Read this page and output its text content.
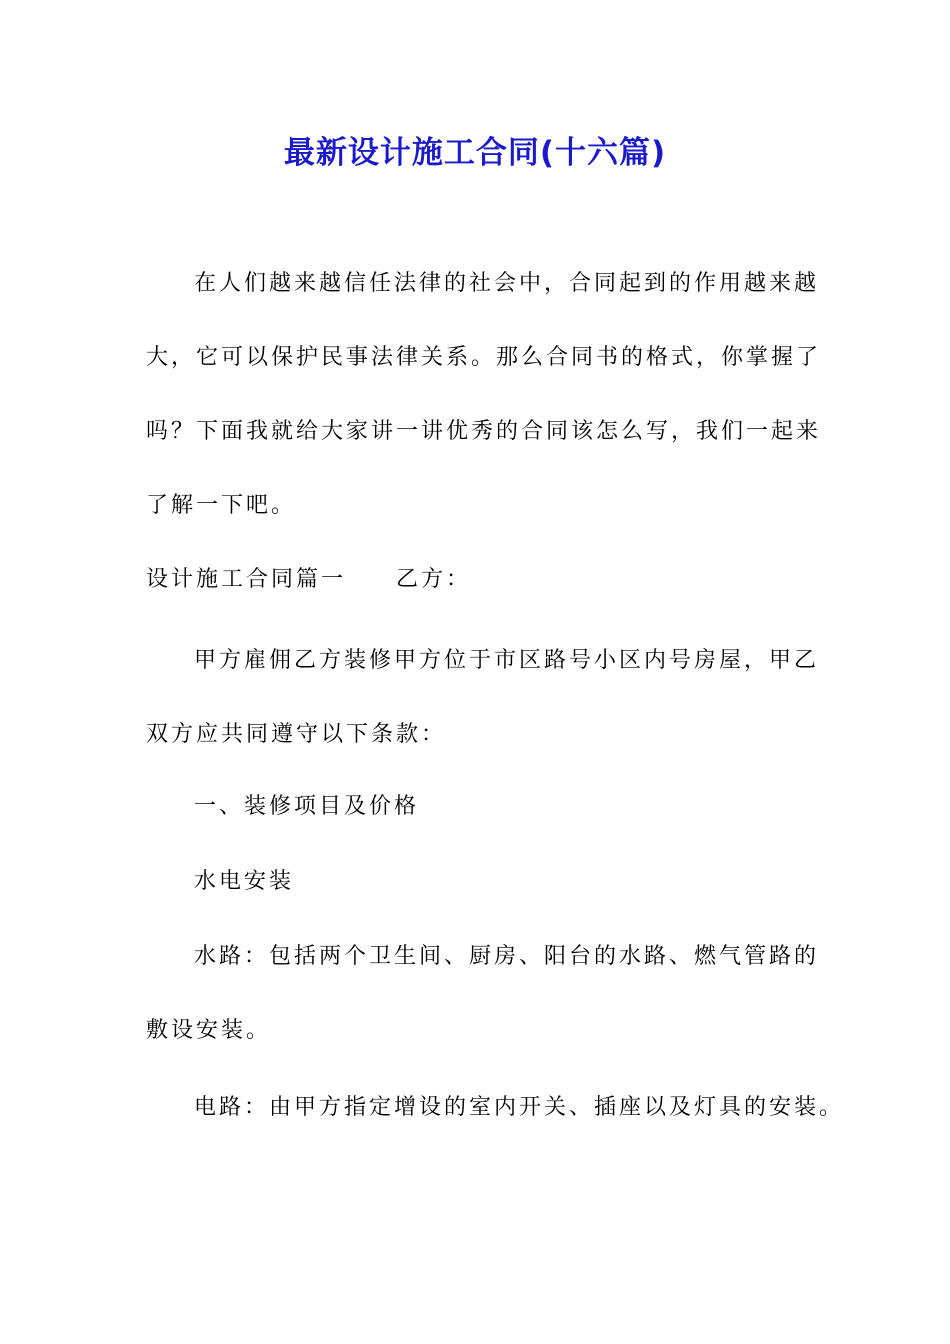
最新设计施工合同(十六篇)
在人们越来越信任法律的社会中，合同起到的作用越来越
大，它可以保护民事法律关系。那么合同书的格式，你掌握了
吗？下面我就给大家讲一讲优秀的合同该怎么写，我们一起来
了解一下吧。
设计施工合同篇一 乙方：
甲方雇佣乙方装修甲方位于市区路号小区内号房屋，甲乙
双方应共同遵守以下条款：
一、装修项目及价格
水电安装
水路：包括两个卫生间、厨房、阳台的水路、燃气管路的
敷设安装。
电路：由甲方指定增设的室内开关、插座以及灯具的安装。
